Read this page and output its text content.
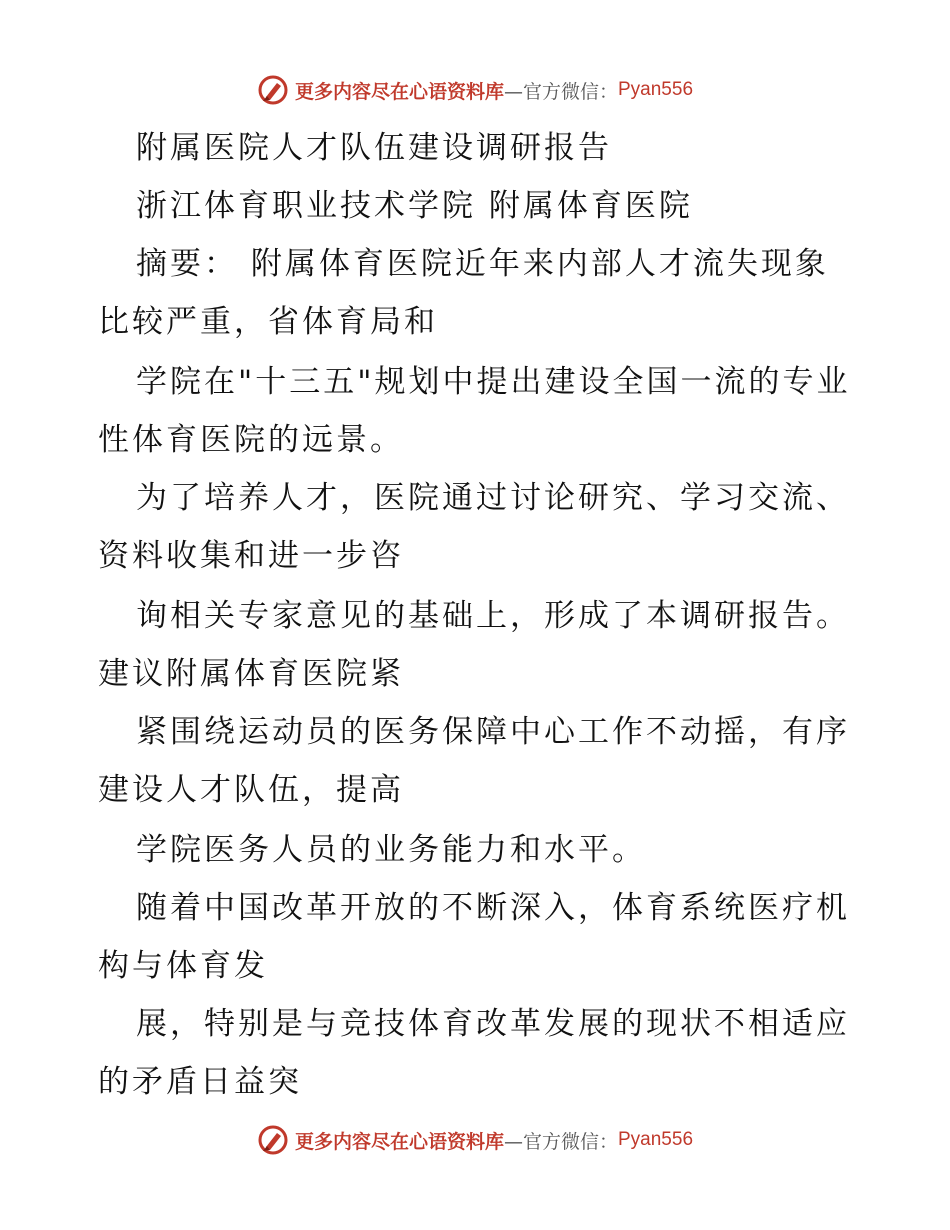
更多内容尽在心语资料库 —官方微信： Pyan556
附属医院人才队伍建设调研报告
浙江体育职业技术学院 附属体育医院
摘要： 附属体育医院近年来内部人才流失现象
比较严重，省体育局和
学院在"十三五"规划中提出建设全国一流的专业
性体育医院的远景。
为了培养人才，医院通过讨论研究、学习交流、
资料收集和进一步咨
询相关专家意见的基础上，形成了本调研报告。
建议附属体育医院紧
紧围绕运动员的医务保障中心工作不动摇，有序
建设人才队伍，提高
学院医务人员的业务能力和水平。
随着中国改革开放的不断深入，体育系统医疗机
构与体育发
展，特别是与竞技体育改革发展的现状不相适应
的矛盾日益突
更多内容尽在心语资料库 —官方微信： Pyan556
